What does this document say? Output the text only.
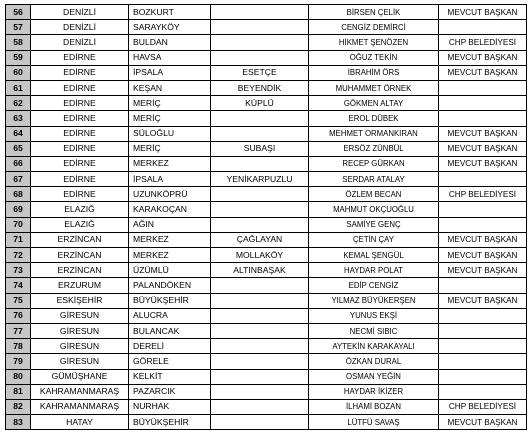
56	DENİZLİ	BOZKURT		BİRSEN ÇELİK	MEVCUT BAŞKAN
57	DENİZLİ	SARAYKÖY		CENGİZ DEMİRCİ	
58	DENİZLİ	BULDAN		HİKMET ŞENÖZEN	CHP BELEDİYESİ
59	EDİRNE	HAVSA		OĞUZ TEKİN	MEVCUT BAŞKAN
60	EDİRNE	İPSALA	ESETÇE	İBRAHİM ÖRS	MEVCUT BAŞKAN
61	EDİRNE	KEŞAN	BEYENDİK	MUHAMMET ÖRNEK	
62	EDİRNE	MERİÇ	KÜPLÜ	GÖKMEN ALTAY	
63	EDİRNE	MERİÇ		EROL DÜBEK	
64	EDİRNE	SÜLOĞLU		MEHMET ORMANKIRAN	MEVCUT BAŞKAN
65	EDİRNE	MERİÇ	SUBAŞI	ERSÖZ ZÜNBÜL	MEVCUT BAŞKAN
66	EDİRNE	MERKEZ		RECEP GÜRKAN	MEVCUT BAŞKAN
67	EDİRNE	İPSALA	YENİKARPUZLU	SERDAR ATALAY	
68	EDİRNE	UZUNKÖPRÜ		ÖZLEM BECAN	CHP BELEDİYESİ
69	ELAZIĞ	KARAKOÇAN		MAHMUT OKÇUOĞLU	
70	ELAZIĞ	AĞIN		SAMİYE GENÇ	
71	ERZİNCAN	MERKEZ	ÇAĞLAYAN	ÇETİN ÇAY	MEVCUT BAŞKAN
72	ERZİNCAN	MERKEZ	MOLLAKÖY	KEMAL ŞENGÜL	MEVCUT BAŞKAN
73	ERZİNCAN	ÜZÜMLÜ	ALTINBAŞAK	HAYDAR POLAT	MEVCUT BAŞKAN
74	ERZURUM	PALANDÖKEN		EDİP CENGİZ	
75	ESKİŞEHİR	BÜYÜKŞEHİR		YILMAZ BÜYÜKERŞEN	MEVCUT BAŞKAN
76	GİRESUN	ALUCRA		YUNUS EKŞİ	
77	GİRESUN	BULANCAK		NECMİ SIBIC	
78	GİRESUN	DERELİ		AYTEKİN KARAKAYALI	
79	GİRESUN	GÖRELE		ÖZKAN DURAL	
80	GÜMÜŞHANE	KELKİT		OSMAN YEĞİN	
81	KAHRAMANMARAŞ	PAZARCIK		HAYDAR İKİZER	
82	KAHRAMANMARAŞ	NURHAK		İLHAMİ BOZAN	CHP BELEDİYESİ
83	HATAY	BÜYÜKŞEHİR		LÜTFÜ SAVAŞ	MEVCUT BAŞKAN
